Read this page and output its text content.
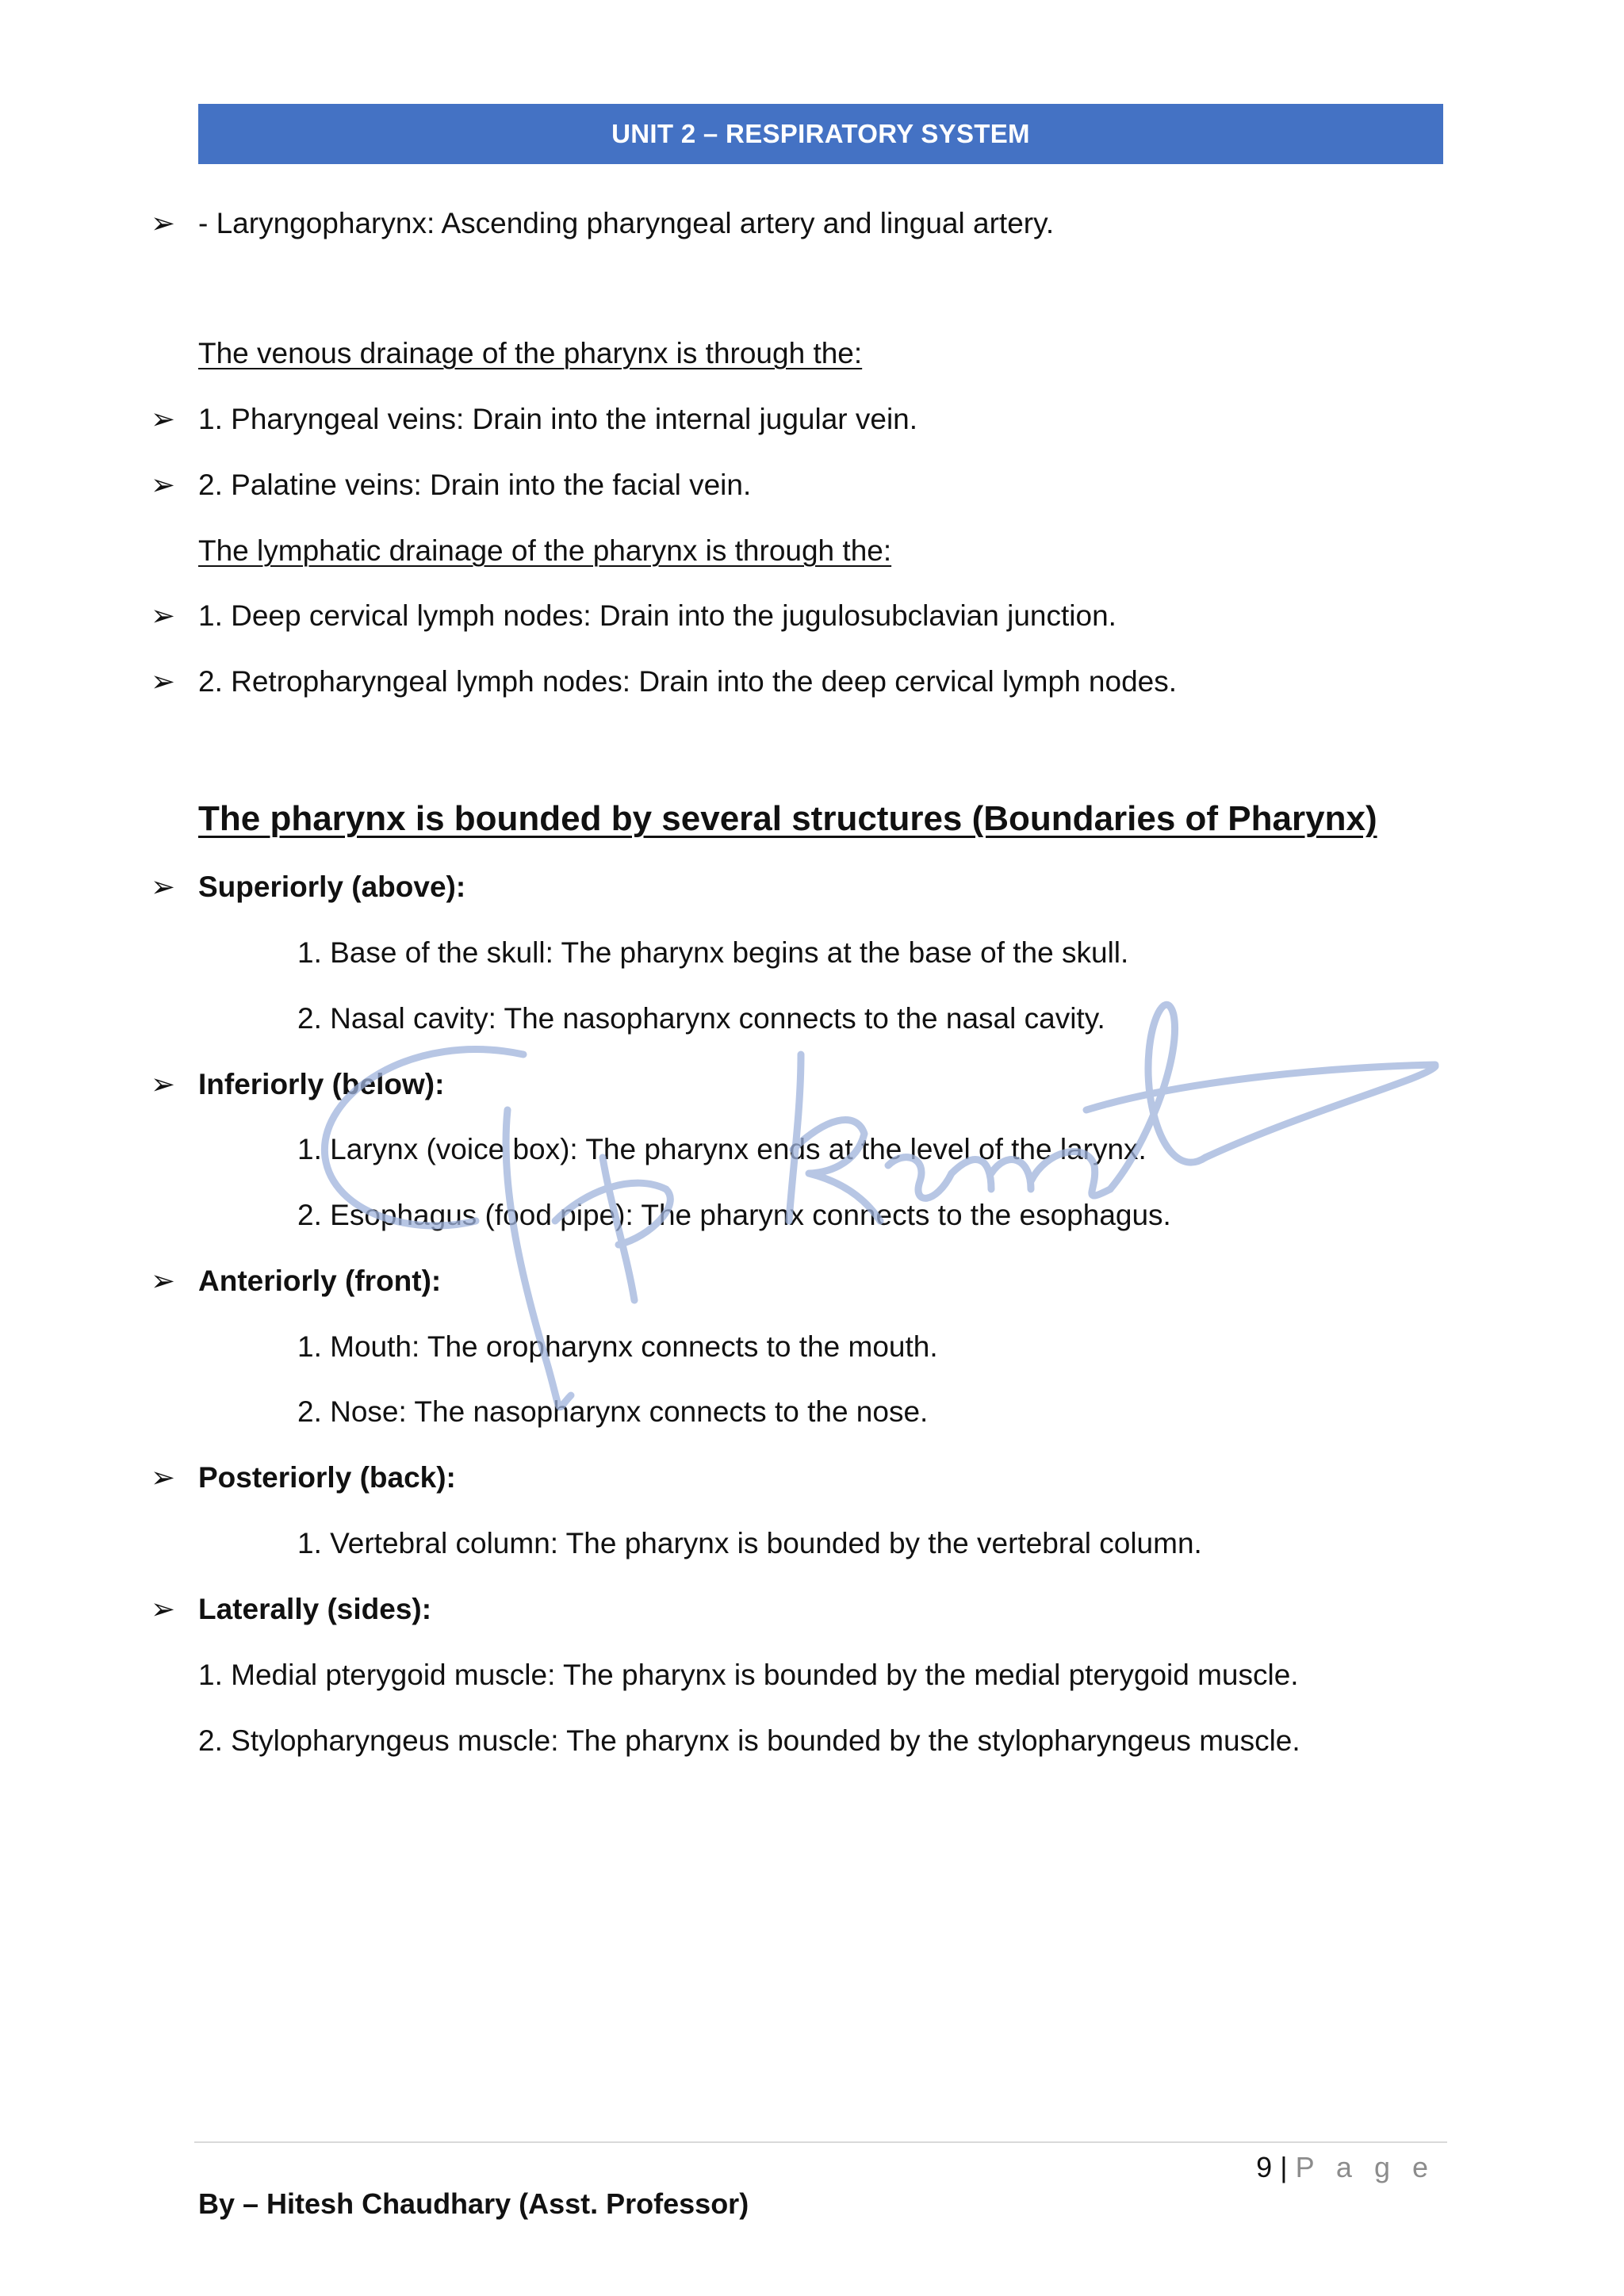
UNIT 2 – RESPIRATORY SYSTEM
➢ - Laryngopharynx: Ascending pharyngeal artery and lingual artery.
The venous drainage of the pharynx is through the:
➢ 1. Pharyngeal veins: Drain into the internal jugular vein.
➢ 2. Palatine veins: Drain into the facial vein.
The lymphatic drainage of the pharynx is through the:
➢ 1. Deep cervical lymph nodes: Drain into the jugulosubclavian junction.
➢ 2. Retropharyngeal lymph nodes: Drain into the deep cervical lymph nodes.
The pharynx is bounded by several structures (Boundaries of Pharynx)
➢ Superiorly (above):
1. Base of the skull: The pharynx begins at the base of the skull.
2. Nasal cavity: The nasopharynx connects to the nasal cavity.
➢ Inferiorly (below):
1. Larynx (voice box): The pharynx ends at the level of the larynx.
2. Esophagus (food pipe): The pharynx connects to the esophagus.
➢ Anteriorly (front):
1. Mouth: The oropharynx connects to the mouth.
2. Nose: The nasopharynx connects to the nose.
➢ Posteriorly (back):
1. Vertebral column: The pharynx is bounded by the vertebral column.
➢ Laterally (sides):
1. Medial pterygoid muscle: The pharynx is bounded by the medial pterygoid muscle.
2. Stylopharyngeus muscle: The pharynx is bounded by the stylopharyngeus muscle.
9 | P a g e
By – Hitesh Chaudhary (Asst. Professor)
